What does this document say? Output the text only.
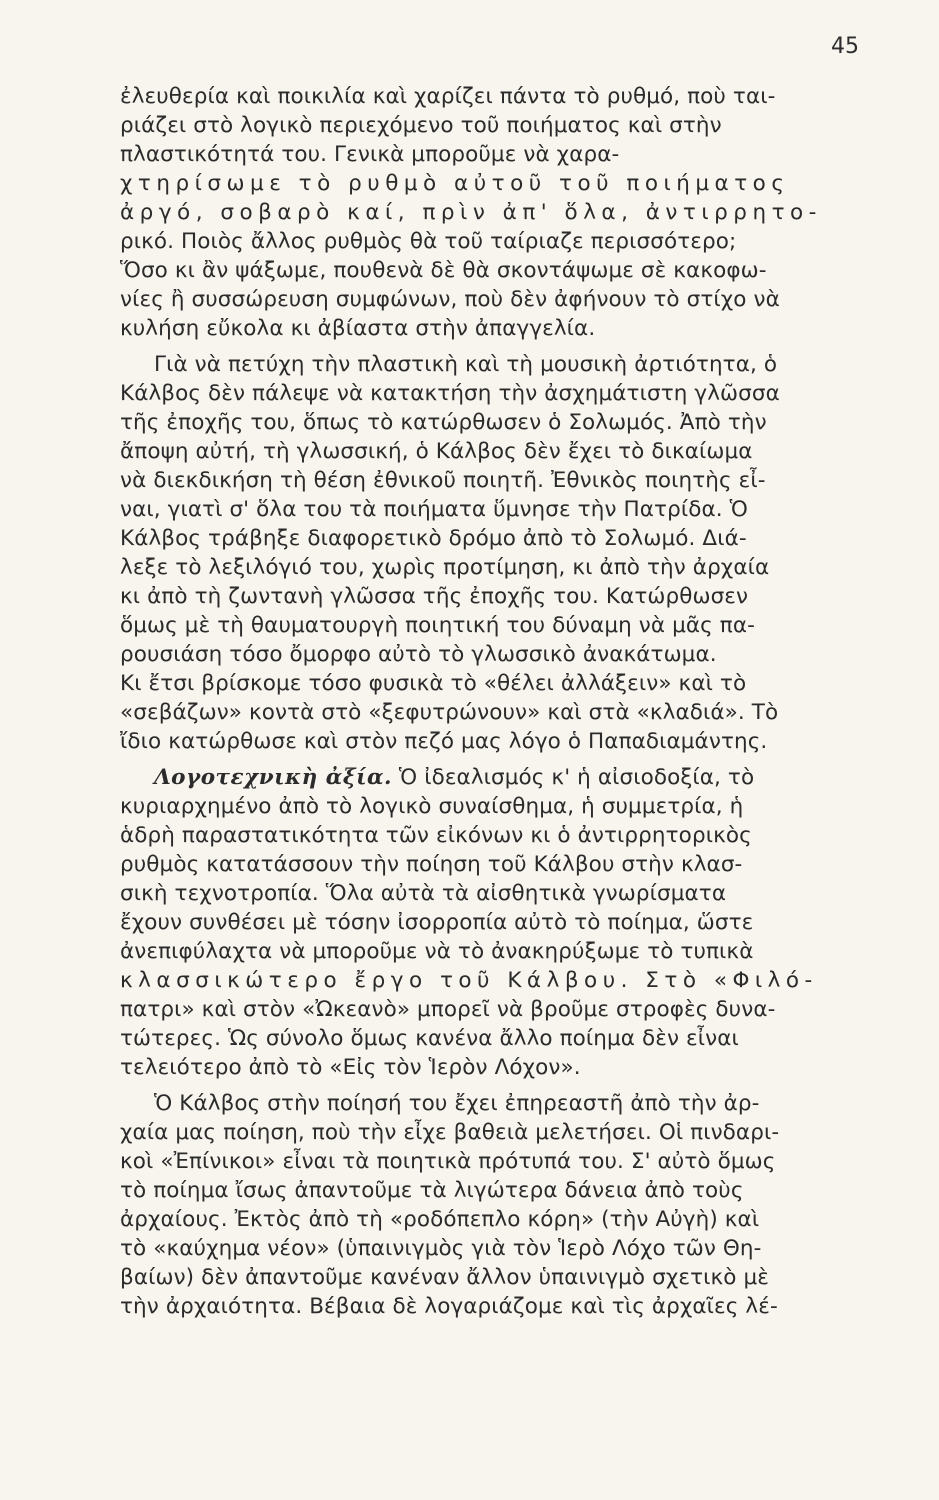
45
ἐλευθερία καὶ ποικιλία καὶ χαρίζει πάντα τὸ ρυθμό, ποὺ ται-
ριάζει στὸ λογικὸ περιεχόμενο τοῦ ποιήματος καὶ στὴν
πλαστικότητά του. Γενικὰ μποροῦμε νὰ χαρα-
χτηρίσωμε τὸ ρυθμὸ αὐτοῦ τοῦ ποιήματος
ἀργό, σοβαρὸ καί, πρὶν ἀπ' ὅλα, ἀντιρρητο-
ρικό. Ποιὸς ἄλλος ρυθμὸς θὰ τοῦ ταίριαζε περισσότερο;
Ὅσο κι ἂν ψάξωμε, πουθενὰ δὲ θὰ σκοντάψωμε σὲ κακοφω-
νίες ἢ συσσώρευση συμφώνων, ποὺ δὲν ἀφήνουν τὸ στίχο νὰ
κυλήση εὔκολα κι ἀβίαστα στὴν ἀπαγγελία.
Γιὰ νὰ πετύχη τὴν πλαστικὴ καὶ τὴ μουσικὴ ἀρτιότητα, ὁ
Κάλβος δὲν πάλεψε νὰ κατακτήση τὴν ἀσχημάτιστη γλῶσσα
τῆς ἐποχῆς του, ὅπως τὸ κατώρθωσεν ὁ Σολωμός. Ἀπὸ τὴν
ἄποψη αὐτή, τὴ γλωσσική, ὁ Κάλβος δὲν ἔχει τὸ δικαίωμα
νὰ διεκδικήση τὴ θέση ἐθνικοῦ ποιητῆ. Ἐθνικὸς ποιητὴς εἶ-
ναι, γιατὶ σ' ὅλα του τὰ ποιήματα ὕμνησε τὴν Πατρίδα. Ὁ
Κάλβος τράβηξε διαφορετικὸ δρόμο ἀπὸ τὸ Σολωμό. Διά-
λεξε τὸ λεξιλόγιό του, χωρὶς προτίμηση, κι ἀπὸ τὴν ἀρχαία
κι ἀπὸ τὴ ζωντανὴ γλῶσσα τῆς ἐποχῆς του. Κατώρθωσεν
ὅμως μὲ τὴ θαυματουργὴ ποιητική του δύναμη νὰ μᾶς πα-
ρουσιάση τόσο ὄμορφο αὐτὸ τὸ γλωσσικὸ ἀνακάτωμα.
Κι ἔτσι βρίσκομε τόσο φυσικὰ τὸ «θέλει ἀλλάξειν» καὶ τὸ
«σεβάζων» κοντὰ στὸ «ξεφυτρώνουν» καὶ στὰ «κλαδιά». Τὸ
ἴδιο κατώρθωσε καὶ στὸν πεζό μας λόγο ὁ Παπαδιαμάντης.
Λογοτεχνικὴ ἀξία. Ὁ ἰδεαλισμός κ' ἡ αἰσιοδοξία, τὸ
κυριαρχημένο ἀπὸ τὸ λογικὸ συναίσθημα, ἡ συμμετρία, ἡ
ἁδρὴ παραστατικότητα τῶν εἰκόνων κι ὁ ἀντιρρητορικὸς
ρυθμὸς κατατάσσουν τὴν ποίηση τοῦ Κάλβου στὴν κλασ-
σικὴ τεχνοτροπία. Ὅλα αὐτὰ τὰ αἰσθητικὰ γνωρίσματα
ἔχουν συνθέσει μὲ τόσην ἰσορροπία αὐτὸ τὸ ποίημα, ὥστε
ἀνεπιφύλαχτα νὰ μποροῦμε νὰ τὸ ἀνακηρύξωμε τὸ τυπικὰ
κλασσικώτερο ἔργο τοῦ Κάλβου. Στὸ «Φιλό-
πατρι» καὶ στὸν «Ὠκεανὸ» μπορεῖ νὰ βροῦμε στροφὲς δυνα-
τώτερες. Ὡς σύνολο ὅμως κανένα ἄλλο ποίημα δὲν εἶναι
τελειότερο ἀπὸ τὸ «Εἰς τὸν Ἱερὸν Λόχον».
Ὁ Κάλβος στὴν ποίησή του ἔχει ἐπηρεαστῆ ἀπὸ τὴν ἀρ-
χαία μας ποίηση, ποὺ τὴν εἶχε βαθειὰ μελετήσει. Οἱ πινδαρι-
κοὶ «Ἐπίνικοι» εἶναι τὰ ποιητικὰ πρότυπά του. Σ' αὐτὸ ὅμως
τὸ ποίημα ἴσως ἀπαντοῦμε τὰ λιγώτερα δάνεια ἀπὸ τοὺς
ἀρχαίους. Ἐκτὸς ἀπὸ τὴ «ροδόπεπλο κόρη» (τὴν Αὐγὴ) καὶ
τὸ «καύχημα νέον» (ὑπαινιγμὸς γιὰ τὸν Ἱερὸ Λόχο τῶν Θη-
βαίων) δὲν ἀπαντοῦμε κανέναν ἄλλον ὑπαινιγμὸ σχετικὸ μὲ
τὴν ἀρχαιότητα. Βέβαια δὲ λογαριάζομε καὶ τὶς ἀρχαῖες λέ-
